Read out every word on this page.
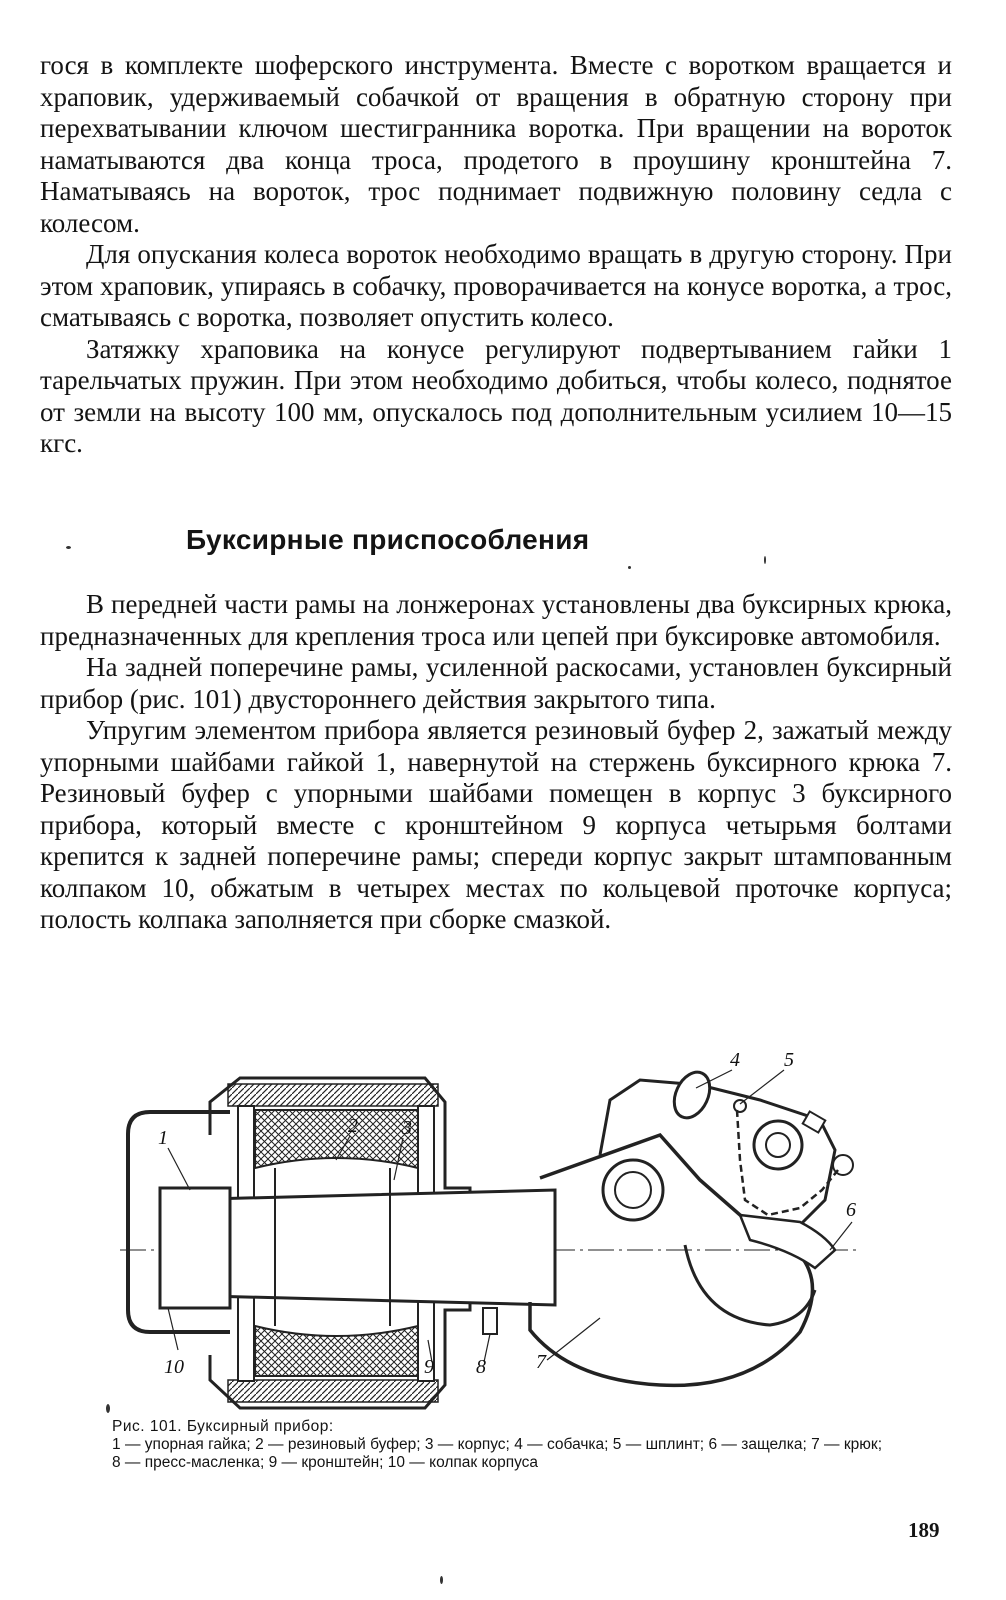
гося в комплекте шоферского инструмента. Вместе с воротком вращается и храповик, удерживаемый собачкой от вращения в обратную сторону при перехватывании ключом шестигранника воротка. При вращении на вороток наматываются два конца троса, продетого в проушину кронштейна 7. Наматываясь на вороток, трос поднимает подвижную половину седла с колесом.

Для опускания колеса вороток необходимо вращать в другую сторону. При этом храповик, упираясь в собачку, проворачивается на конусе воротка, а трос, сматываясь с воротка, позволяет опустить колесо.

Затяжку храповика на конусе регулируют подвертыванием гайки 1 тарельчатых пружин. При этом необходимо добиться, чтобы колесо, поднятое от земли на высоту 100 мм, опускалось под дополнительным усилием 10—15 кгс.

Буксирные приспособления

В передней части рамы на лонжеронах установлены два буксирных крюка, предназначенных для крепления троса или цепей при буксировке автомобиля.

На задней поперечине рамы, усиленной раскосами, установлен буксирный прибор (рис. 101) двустороннего действия закрытого типа.

Упругим элементом прибора является резиновый буфер 2, зажатый между упорными шайбами гайкой 1, навернутой на стержень буксирного крюка 7. Резиновый буфер с упорными шайбами помещен в корпус 3 буксирного прибора, который вместе с кронштейном 9 корпуса четырьмя болтами крепится к задней поперечине рамы; спереди корпус закрыт штампованным колпаком 10, обжатым в четырех местах по кольцевой проточке корпуса; полость колпака заполняется при сборке смазкой.

1
2 3
4 5
6
7
8
9
10
Рис. 101. Буксирный прибор:
1 — упорная гайка; 2 — резиновый буфер; 3 — корпус; 4 — собачка; 5 — шплинт; 6 — защелка; 7 — крюк; 8 — пресс-масленка; 9 — кронштейн; 10 — колпак корпуса
189
